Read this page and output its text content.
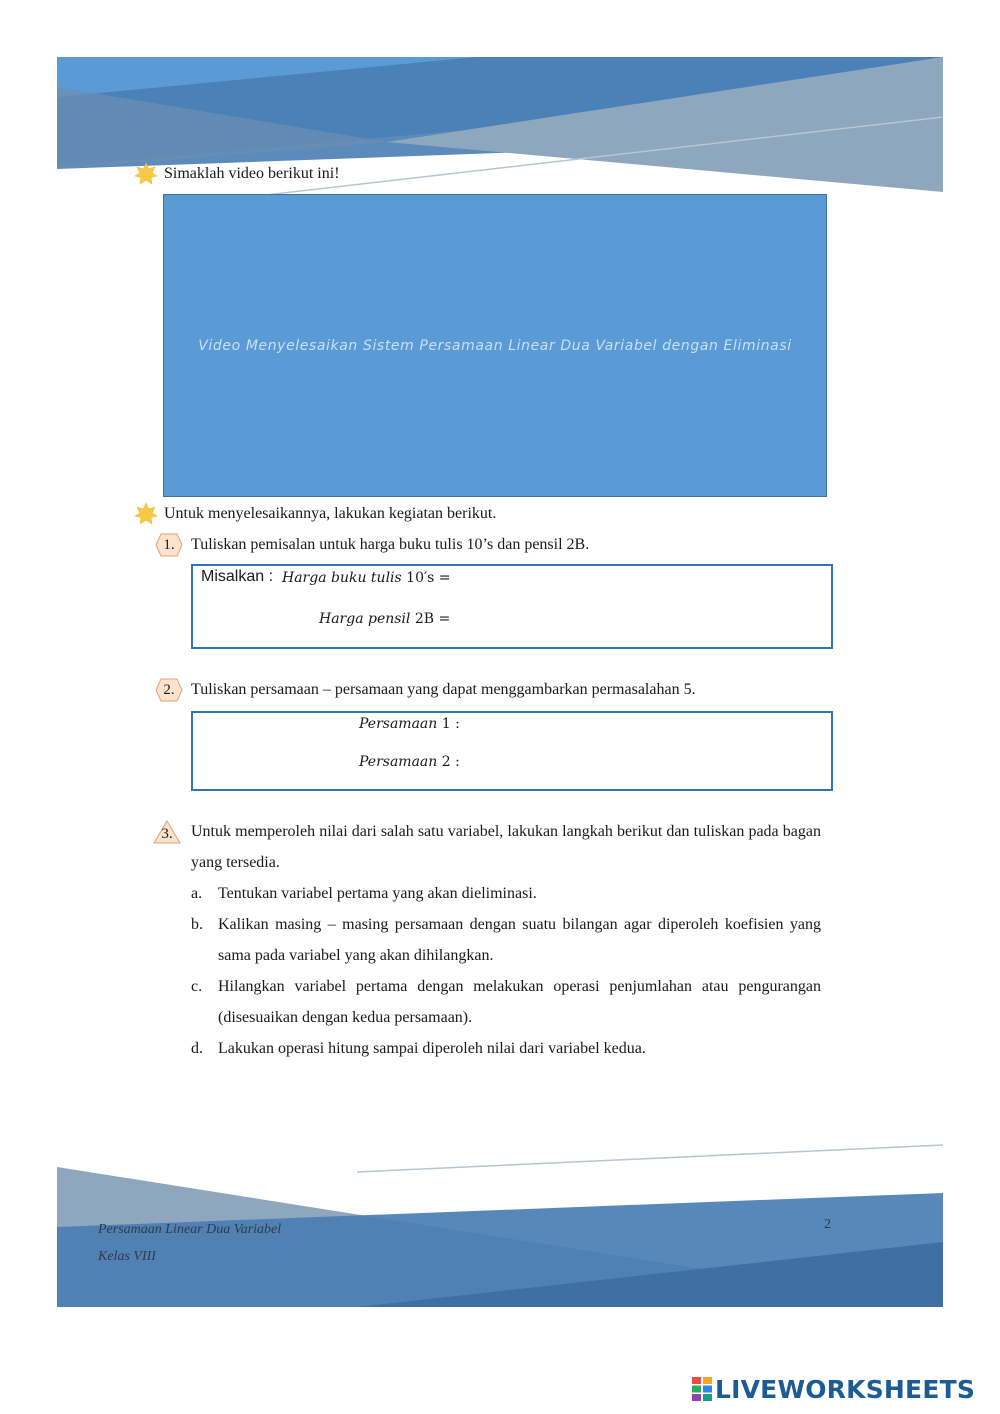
Simaklah video berikut ini!
Video Menyelesaikan Sistem Persamaan Linear Dua Variabel dengan Eliminasi
Untuk menyelesaikannya, lakukan kegiatan berikut.
1.	Tuliskan pemisalan untuk harga buku tulis 10’s dan pensil 2B.
Misalkan : Harga buku tulis 10′s =
Harga pensil 2B =
2.	Tuliskan persamaan – persamaan yang dapat menggambarkan permasalahan 5.
Persamaan 1 :
Persamaan 2 :
3.	Untuk memperoleh nilai dari salah satu variabel, lakukan langkah berikut dan tuliskan pada bagan yang tersedia.
a. Tentukan variabel pertama yang akan dieliminasi.
b. Kalikan masing – masing persamaan dengan suatu bilangan agar diperoleh koefisien yang sama pada variabel yang akan dihilangkan.
c. Hilangkan variabel pertama dengan melakukan operasi penjumlahan atau pengurangan (disesuaikan dengan kedua persamaan).
d. Lakukan operasi hitung sampai diperoleh nilai dari variabel kedua.
Persamaan Linear Dua Variabel
Kelas VIII
2
LIVEWORKSHEETS
